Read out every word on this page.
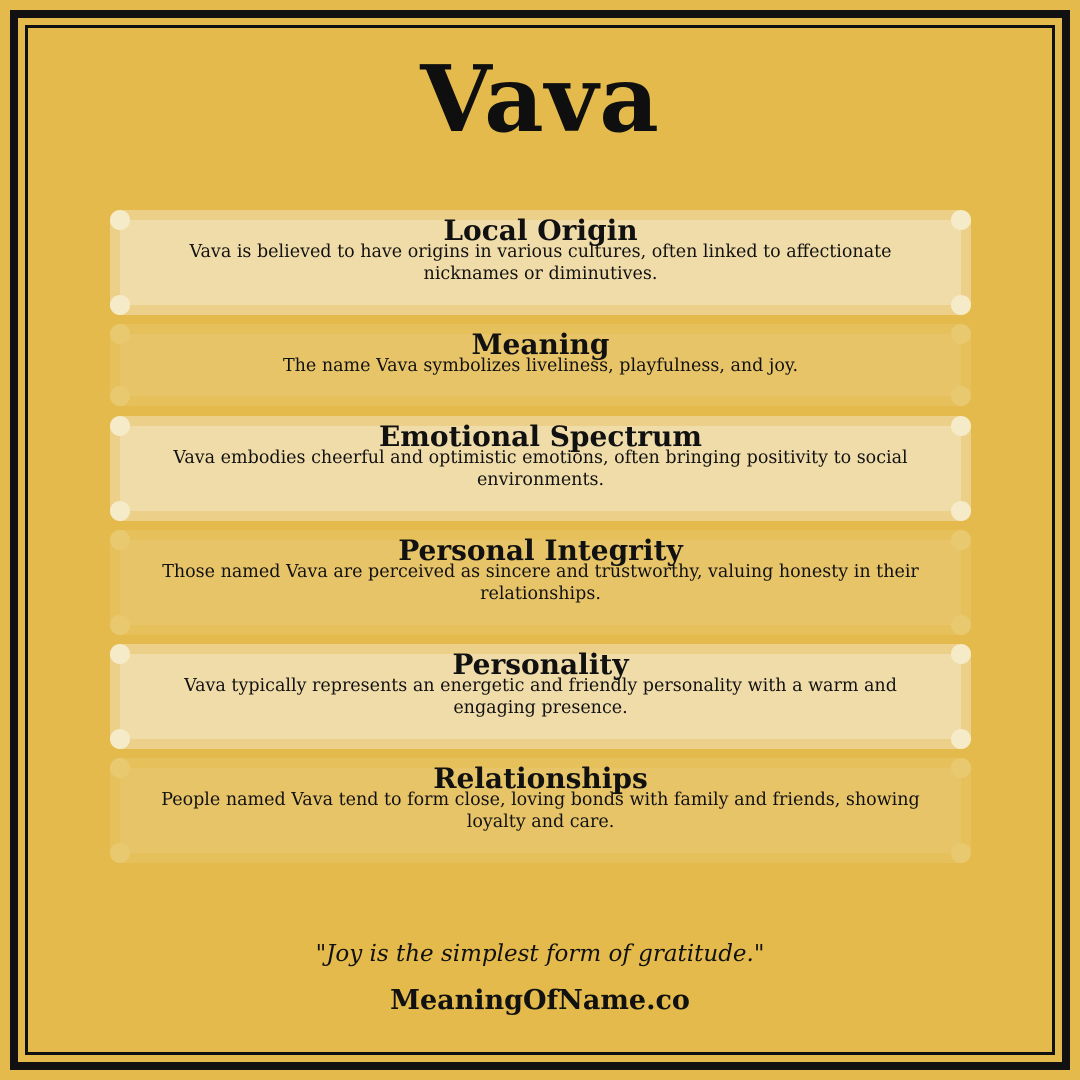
Vava
Local Origin

Vava is believed to have origins in various cultures, often linked to affectionate nicknames or diminutives.

Meaning

The name Vava symbolizes liveliness, playfulness, and joy.

Emotional Spectrum

Vava embodies cheerful and optimistic emotions, often bringing positivity to social environments.

Personal Integrity

Those named Vava are perceived as sincere and trustworthy, valuing honesty in their relationships.

Personality

Vava typically represents an energetic and friendly personality with a warm and engaging presence.

Relationships

People named Vava tend to form close, loving bonds with family and friends, showing loyalty and care.

"Joy is the simplest form of gratitude."
MeaningOfName.co
